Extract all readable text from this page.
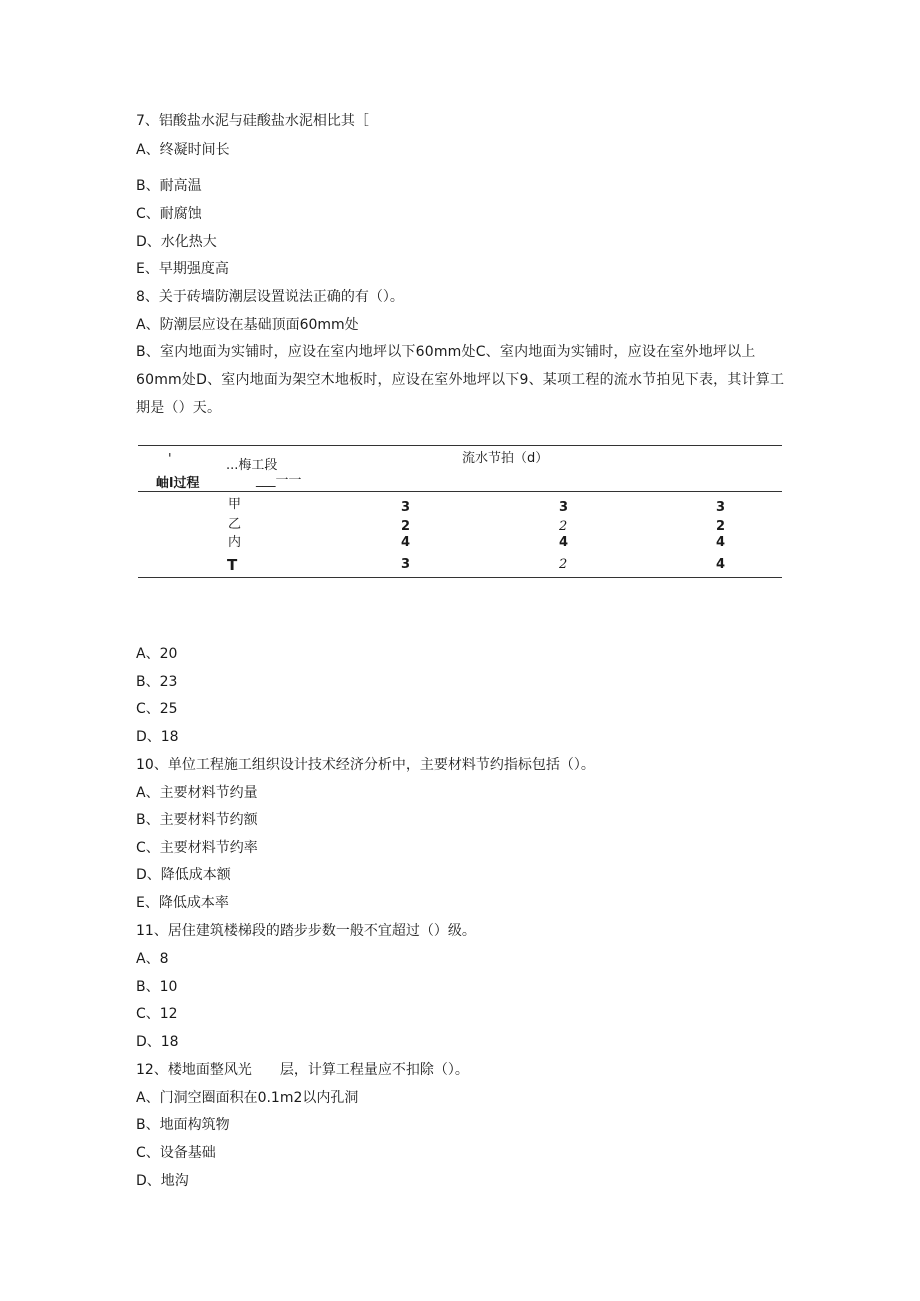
7、铝酸盐水泥与硅酸盐水泥相比其［
A、终凝时间长
B、耐高温
C、耐腐蚀
D、水化热大
E、早期强度高
8、关于砖墙防潮层设置说法正确的有（）。
A、防潮层应设在基础顶面60mm处
B、室内地面为实铺时，应设在室内地坪以下60mm处C、室内地面为实铺时，应设在室外地坪以上60mm处D、室内地面为架空木地板时，应设在室外地坪以下9、某项工程的流水节拍见下表，其计算工期是（）天。
'	...梅工段
___一一
岫l过程
流水节拍（d）
甲	3	3	3
乙	2	2	2
内	4	4	4
T	3	2	4
A、20
B、23
C、25
D、18
10、单位工程施工组织设计技术经济分析中，主要材料节约指标包括（）。
A、主要材料节约量
B、主要材料节约额
C、主要材料节约率
D、降低成本额
E、降低成本率
11、居住建筑楼梯段的踏步步数一般不宜超过（）级。
A、8
B、10
C、12
D、18
12、楼地面整风光　　层，计算工程量应不扣除（）。
A、门洞空圈面积在0.1m2以内孔洞
B、地面构筑物
C、设备基础
D、地沟
